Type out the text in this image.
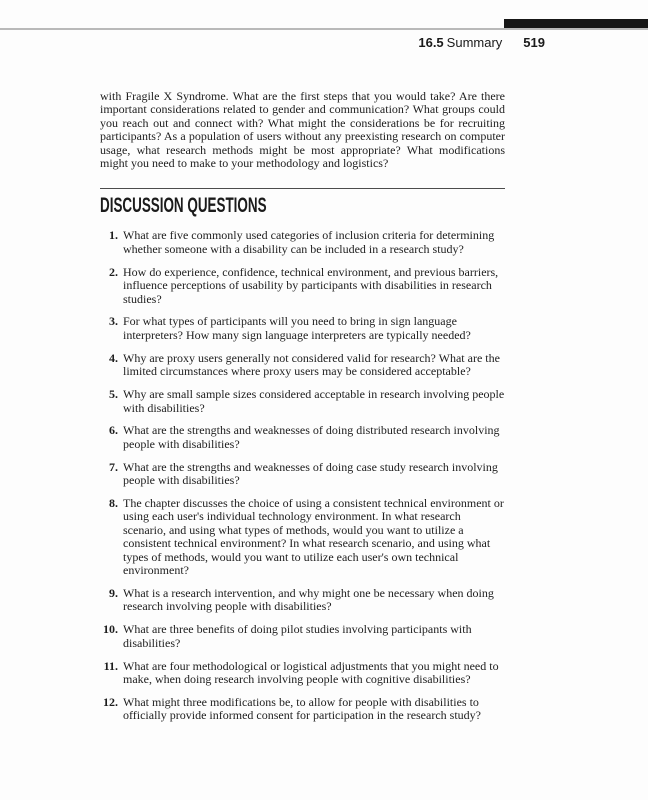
16.5 Summary 519

with Fragile X Syndrome. What are the first steps that you would take? Are there important considerations related to gender and communication? What groups could you reach out and connect with? What might the considerations be for recruiting participants? As a population of users without any preexisting research on computer usage, what research methods might be most appropriate? What modifications might you need to make to your methodology and logistics?

DISCUSSION QUESTIONS
1. What are five commonly used categories of inclusion criteria for determining whether someone with a disability can be included in a research study?
2. How do experience, confidence, technical environment, and previous barriers, influence perceptions of usability by participants with disabilities in research studies?
3. For what types of participants will you need to bring in sign language interpreters? How many sign language interpreters are typically needed?
4. Why are proxy users generally not considered valid for research? What are the limited circumstances where proxy users may be considered acceptable?
5. Why are small sample sizes considered acceptable in research involving people with disabilities?
6. What are the strengths and weaknesses of doing distributed research involving people with disabilities?
7. What are the strengths and weaknesses of doing case study research involving people with disabilities?
8. The chapter discusses the choice of using a consistent technical environment or using each user's individual technology environment. In what research scenario, and using what types of methods, would you want to utilize a consistent technical environment? In what research scenario, and using what types of methods, would you want to utilize each user's own technical environment?
9. What is a research intervention, and why might one be necessary when doing research involving people with disabilities?
10. What are three benefits of doing pilot studies involving participants with disabilities?
11. What are four methodological or logistical adjustments that you might need to make, when doing research involving people with cognitive disabilities?
12. What might three modifications be, to allow for people with disabilities to officially provide informed consent for participation in the research study?
